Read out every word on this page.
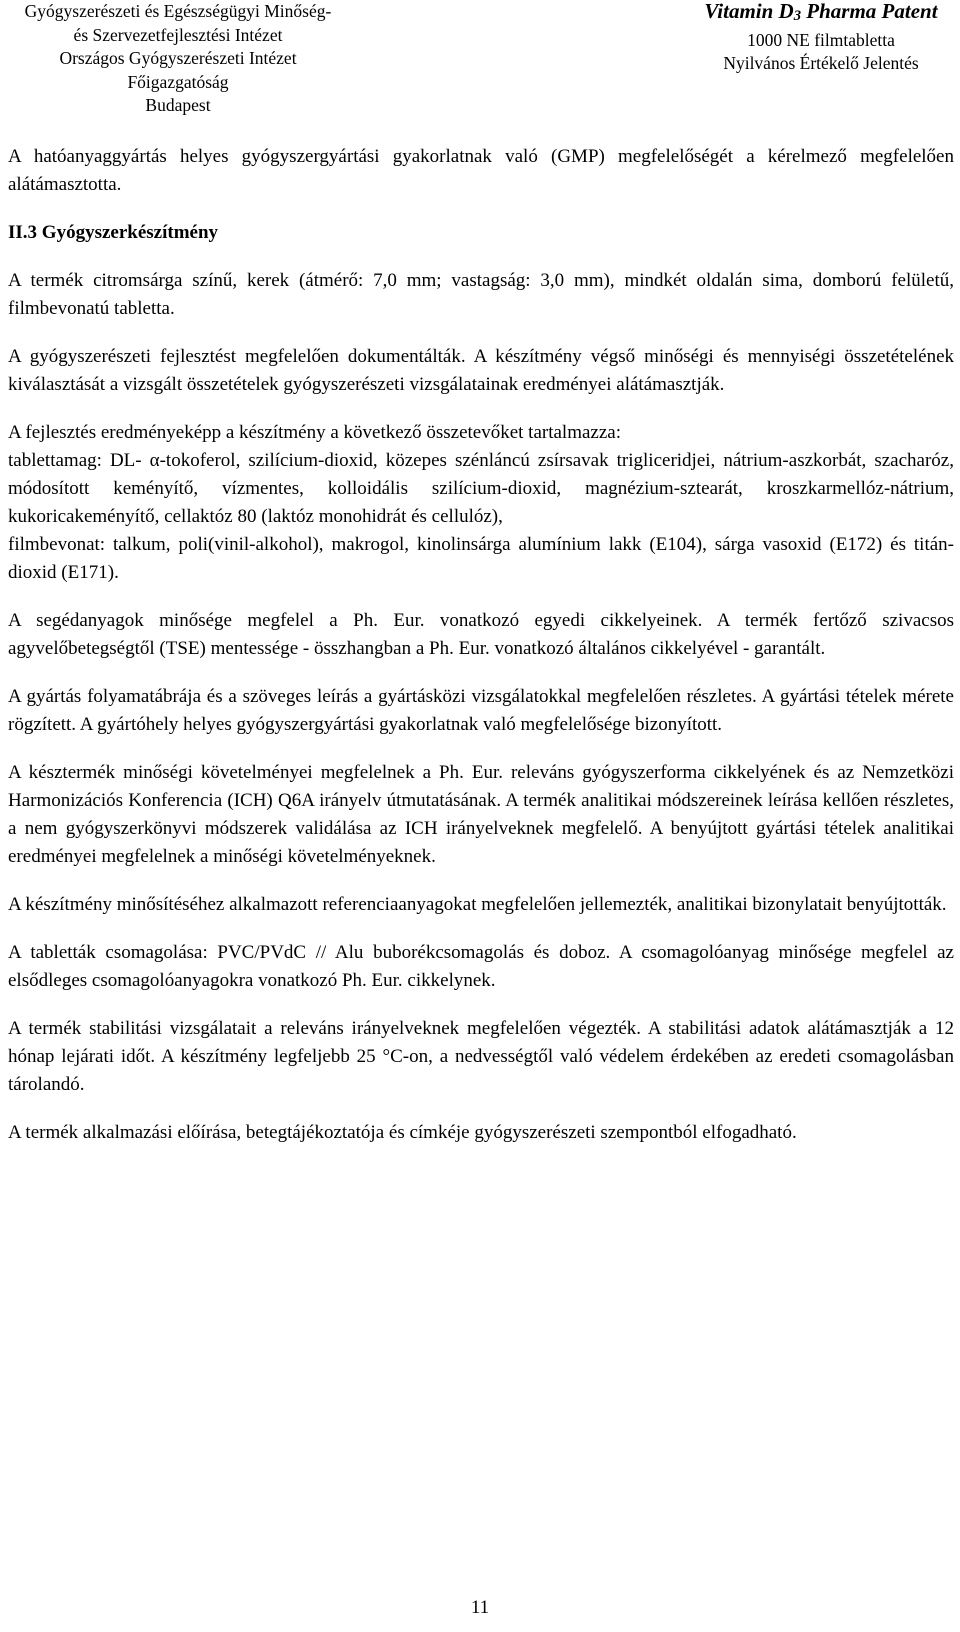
Gyógyszerészeti és Egészségügyi Minőség-
és Szervezetfejlesztési Intézet
Országos Gyógyszerészeti Intézet
Főigazgatóság
Budapest
Vitamin D3 Pharma Patent
1000 NE filmtabletta
Nyilvános Értékelő Jelentés

A hatóanyaggyártás helyes gyógyszergyártási gyakorlatnak való (GMP) megfelelőségét a kérelmező megfelelően alátámasztotta.

II.3 Gyógyszerkészítmény

A termék citromsárga színű, kerek (átmérő: 7,0 mm; vastagság: 3,0 mm), mindkét oldalán sima, domború felületű, filmbevonatú tabletta.

A gyógyszerészeti fejlesztést megfelelően dokumentálták. A készítmény végső minőségi és mennyiségi összetételének kiválasztását a vizsgált összetételek gyógyszerészeti vizsgálatainak eredményei alátámasztják.

A fejlesztés eredményeképp a készítmény a következő összetevőket tartalmazza:

tablettamag: DL- α-tokoferol, szilícium-dioxid, közepes szénláncú zsírsavak trigliceridjei, nátrium-aszkorbát, szacharóz, módosított keményítő, vízmentes, kolloidális szilícium-dioxid, magnézium-sztearát, kroszkarmellóz-nátrium, kukoricakeményítő, cellaktóz 80 (laktóz monohidrát és cellulóz),

filmbevonat: talkum, poli(vinil-alkohol), makrogol, kinolinsárga alumínium lakk (E104), sárga vasoxid (E172) és titán-dioxid (E171).

A segédanyagok minősége megfelel a Ph. Eur. vonatkozó egyedi cikkelyeinek. A termék fertőző szivacsos agyvelőbetegségtől (TSE) mentessége - összhangban a Ph. Eur. vonatkozó általános cikkelyével - garantált.

A gyártás folyamatábrája és a szöveges leírás a gyártásközi vizsgálatokkal megfelelően részletes. A gyártási tételek mérete rögzített. A gyártóhely helyes gyógyszergyártási gyakorlatnak való megfelelősége bizonyított.

A késztermék minőségi követelményei megfelelnek a Ph. Eur. releváns gyógyszerforma cikkelyének és az Nemzetközi Harmonizációs Konferencia (ICH) Q6A irányelv útmutatásának. A termék analitikai módszereinek leírása kellően részletes, a nem gyógyszerkönyvi módszerek validálása az ICH irányelveknek megfelelő. A benyújtott gyártási tételek analitikai eredményei megfelelnek a minőségi követelményeknek.

A készítmény minősítéséhez alkalmazott referenciaanyagokat megfelelően jellemezték, analitikai bizonylatait benyújtották.

A tabletták csomagolása: PVC/PVdC // Alu buborékcsomagolás és doboz. A csomagolóanyag minősége megfelel az elsődleges csomagolóanyagokra vonatkozó Ph. Eur. cikkelynek.

A termék stabilitási vizsgálatait a releváns irányelveknek megfelelően végezték. A stabilitási adatok alátámasztják a 12 hónap lejárati időt. A készítmény legfeljebb 25 °C-on, a nedvességtől való védelem érdekében az eredeti csomagolásban tárolandó.

A termék alkalmazási előírása, betegtájékoztatója és címkéje gyógyszerészeti szempontból elfogadható.

11
